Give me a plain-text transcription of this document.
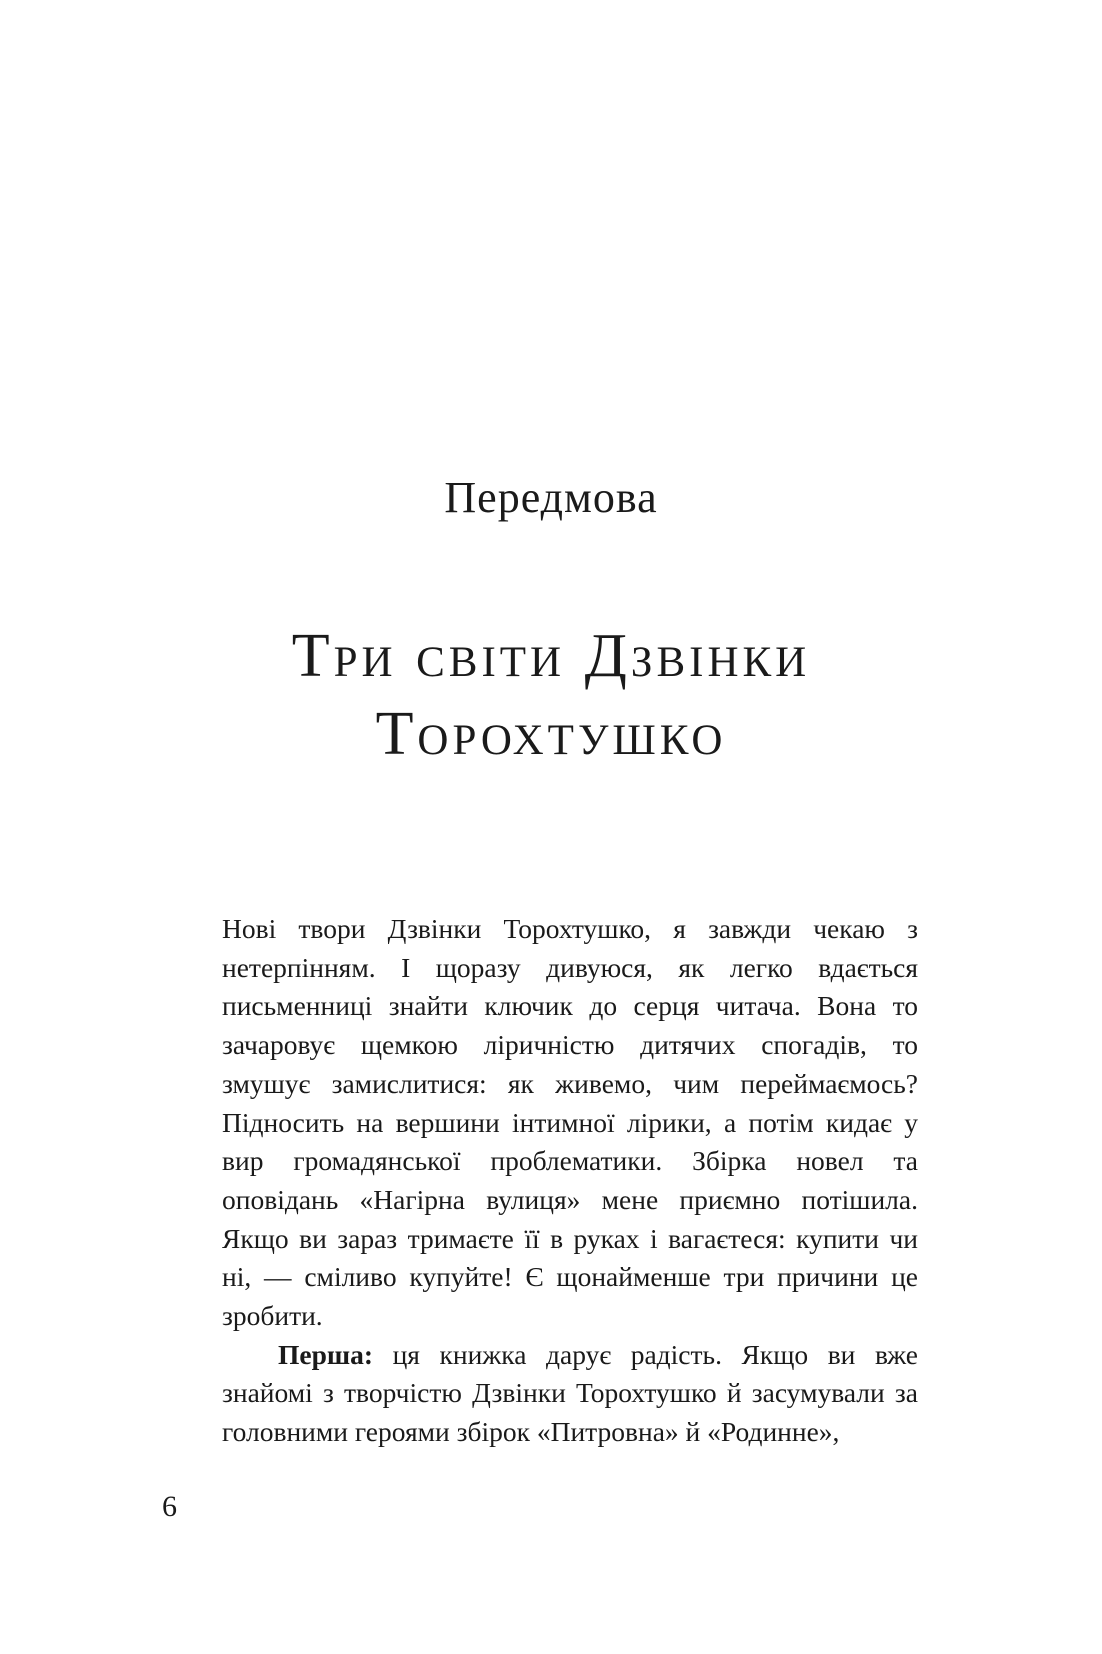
Передмова
Три світи Дзвінки
Торохтушко

Нові твори Дзвінки Торохтушко, я завжди чекаю з нетерпінням. І щоразу дивуюся, як легко вдається письменниці знайти ключик до серця читача. Вона то зачаровує щемкою ліричністю дитячих спогадів, то змушує замислитися: як живемо, чим переймаємось? Підносить на вершини інтимної лірики, а потім кидає у вир громадянської проблематики. Збірка новел та оповідань «Нагірна вулиця» мене приємно потішила. Якщо ви зараз тримаєте її в руках і вагаєтеся: купити чи ні, — сміливо купуйте! Є щонайменше три причини це зробити.

Перша: ця книжка дарує радість. Якщо ви вже знайомі з творчістю Дзвінки Торохтушко й засумували за головними героями збірок «Питровна» й «Родинне»,

6
